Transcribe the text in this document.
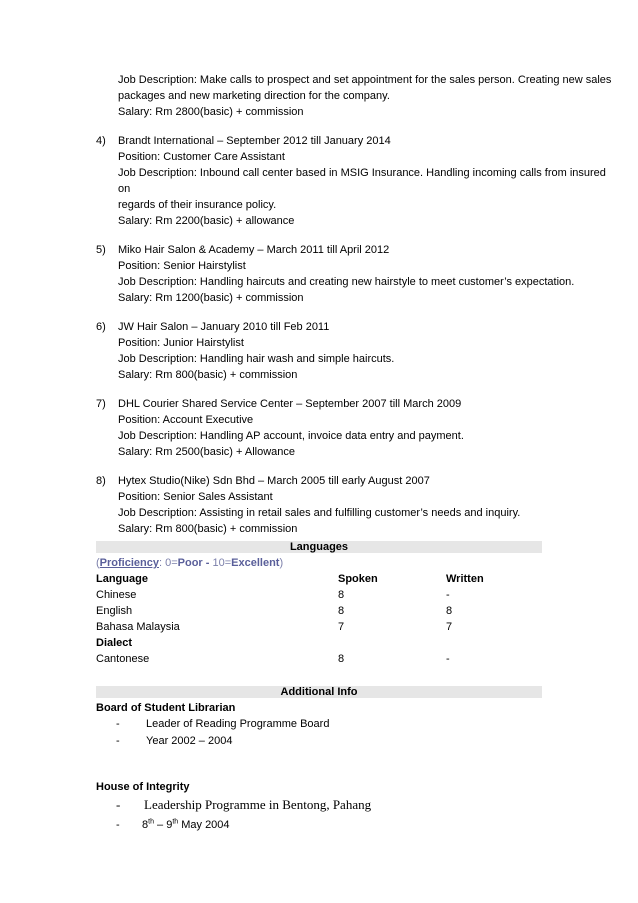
Job Description: Make calls to prospect and set appointment for the sales person. Creating new sales
packages and new marketing direction for the company.
Salary: Rm 2800(basic) + commission
4)	Brandt International – September 2012 till January 2014
Position: Customer Care Assistant
Job Description: Inbound call center based in MSIG Insurance. Handling incoming calls from insured on
regards of their insurance policy.
Salary: Rm 2200(basic) + allowance
5)	Miko Hair Salon & Academy – March 2011 till April 2012
Position: Senior Hairstylist
Job Description: Handling haircuts and creating new hairstyle to meet customer’s expectation.
Salary: Rm 1200(basic) + commission
6)	JW Hair Salon – January 2010 till Feb 2011
Position: Junior Hairstylist
Job Description: Handling hair wash and simple haircuts.
Salary: Rm 800(basic) + commission
7)	DHL Courier Shared Service Center – September 2007 till March 2009
Position: Account Executive
Job Description: Handling AP account, invoice data entry and payment.
Salary: Rm 2500(basic) + Allowance
8)	Hytex Studio(Nike) Sdn Bhd – March 2005 till early August 2007
Position: Senior Sales Assistant
Job Description: Assisting in retail sales and fulfilling customer’s needs and inquiry.
Salary: Rm 800(basic) + commission
Languages
(Proficiency: 0=Poor - 10=Excellent)
Language	Spoken	Written
Chinese	8	-
English	8	8
Bahasa Malaysia	7	7
Dialect
Cantonese	8	-
Additional Info
Board of Student Librarian
-	Leader of Reading Programme Board
-	Year 2002 – 2004
House of Integrity
-	Leadership Programme in Bentong, Pahang
-	8th – 9th May 2004
